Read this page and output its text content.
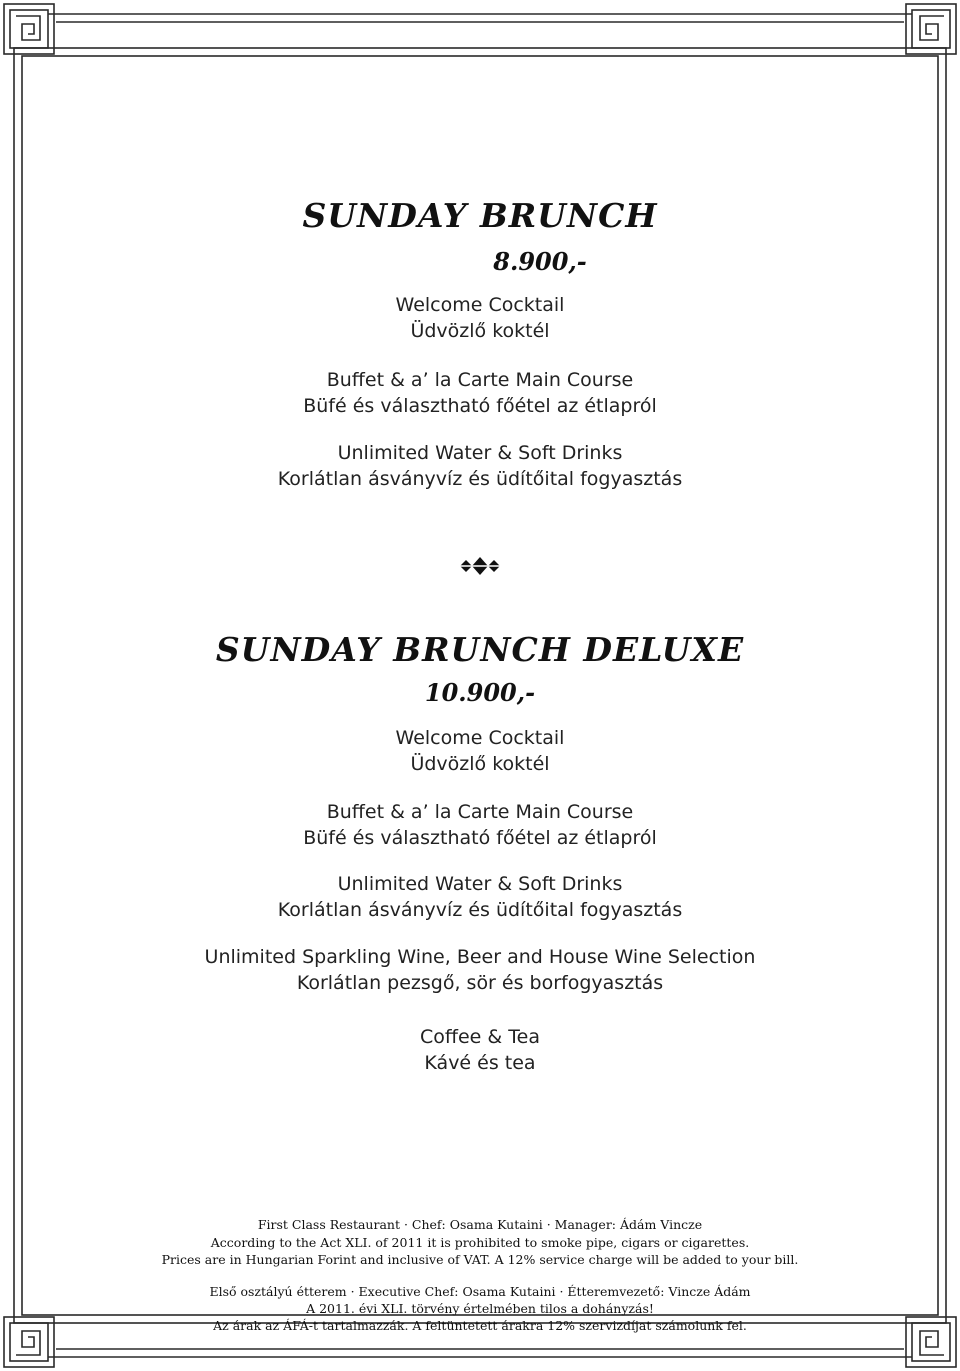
SUNDAY BRUNCH
8.900,-
Welcome Cocktail
Üdvözlő koktél
Buffet & a’ la Carte Main Course
Büfé és választható főétel az étlapról
Unlimited Water & Soft Drinks
Korlátlan ásványvíz és üdítőital fogyasztás
SUNDAY BRUNCH DELUXE
10.900,-
Welcome Cocktail
Üdvözlő koktél
Buffet & a’ la Carte Main Course
Büfé és választható főétel az étlapról
Unlimited Water & Soft Drinks
Korlátlan ásványvíz és üdítőital fogyasztás
Unlimited Sparkling Wine, Beer and House Wine Selection
Korlátlan pezsgő, sör és borfogyasztás
Coffee & Tea
Kávé és tea
First Class Restaurant · Chef: Osama Kutaini · Manager: Ádám Vincze
According to the Act XLI. of 2011 it is prohibited to smoke pipe, cigars or cigarettes.
Prices are in Hungarian Forint and inclusive of VAT. A 12% service charge will be added to your bill.
Első osztályú étterem · Executive Chef: Osama Kutaini · Étteremvezető: Vincze Ádám
A 2011. évi XLI. törvény értelmében tilos a dohányzás!
Az árak az ÁFÁ-t tartalmazzák. A feltüntetett árakra 12% szervizdíjat számolunk fel.
